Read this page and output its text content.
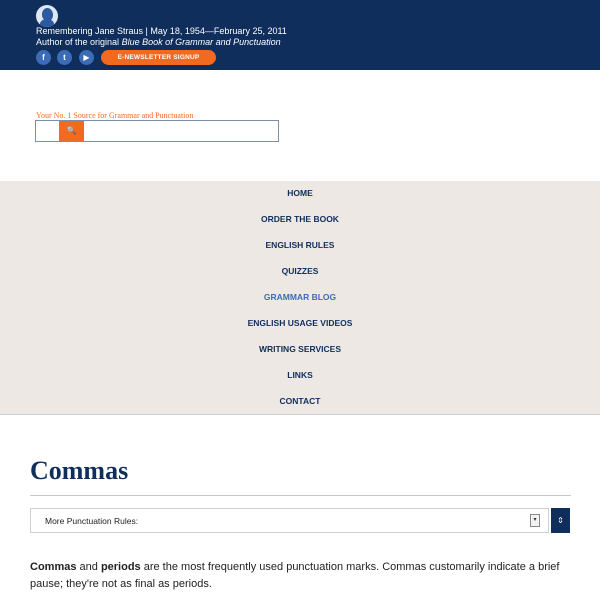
Remembering Jane Straus | May 18, 1954—February 25, 2011
Author of the original Blue Book of Grammar and Punctuation
f	t	▶	E-NEWSLETTER SIGNUP
Your No. 1 Source for Grammar and Punctuation
🔍
HOME
ORDER THE BOOK
ENGLISH RULES
QUIZZES
GRAMMAR BLOG
ENGLISH USAGE VIDEOS
WRITING SERVICES
LINKS
CONTACT
Commas
More Punctuation Rules:	▾	⇕

Commas and periods are the most frequently used punctuation marks. Commas customarily indicate a brief pause; they're not as final as periods.
